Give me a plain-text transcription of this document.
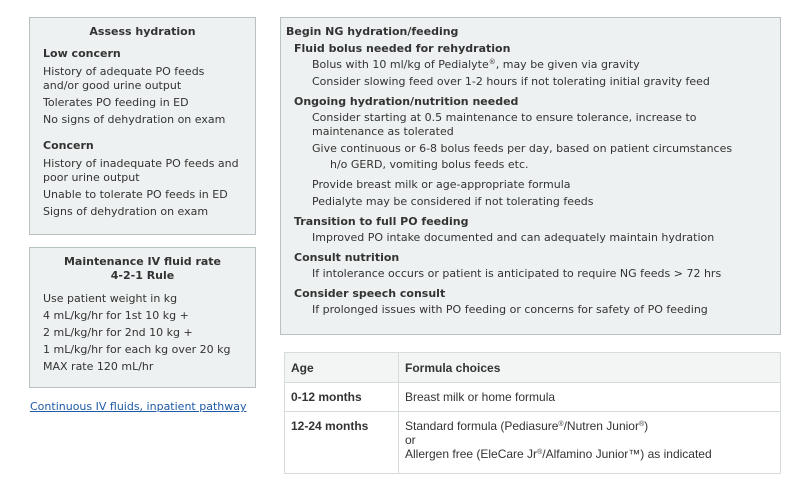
Assess hydration
Low concern
History of adequate PO feeds
and/or good urine output
Tolerates PO feeding in ED
No signs of dehydration on exam
Concern
History of inadequate PO feeds and
poor urine output
Unable to tolerate PO feeds in ED
Signs of dehydration on exam
Maintenance IV fluid rate
4-2-1 Rule
Use patient weight in kg
4 mL/kg/hr for 1st 10 kg +
2 mL/kg/hr for 2nd 10 kg +
1 mL/kg/hr for each kg over 20 kg
MAX rate 120 mL/hr
Continuous IV fluids, inpatient pathway
Begin NG hydration/feeding
Fluid bolus needed for rehydration
Bolus with 10 ml/kg of Pedialyte®, may be given via gravity
Consider slowing feed over 1-2 hours if not tolerating initial gravity feed
Ongoing hydration/nutrition needed
Consider starting at 0.5 maintenance to ensure tolerance, increase to
maintenance as tolerated
Give continuous or 6-8 bolus feeds per day, based on patient circumstances
h/o GERD, vomiting bolus feeds etc.
Provide breast milk or age-appropriate formula
Pedialyte may be considered if not tolerating feeds
Transition to full PO feeding
Improved PO intake documented and can adequately maintain hydration
Consult nutrition
If intolerance occurs or patient is anticipated to require NG feeds > 72 hrs
Consider speech consult
If prolonged issues with PO feeding or concerns for safety of PO feeding
Age	Formula choices
0-12 months	Breast milk or home formula
12-24 months	Standard formula (Pediasure®/Nutren Junior®)
or
Allergen free (EleCare Jr®/Alfamino Junior™) as indicated
